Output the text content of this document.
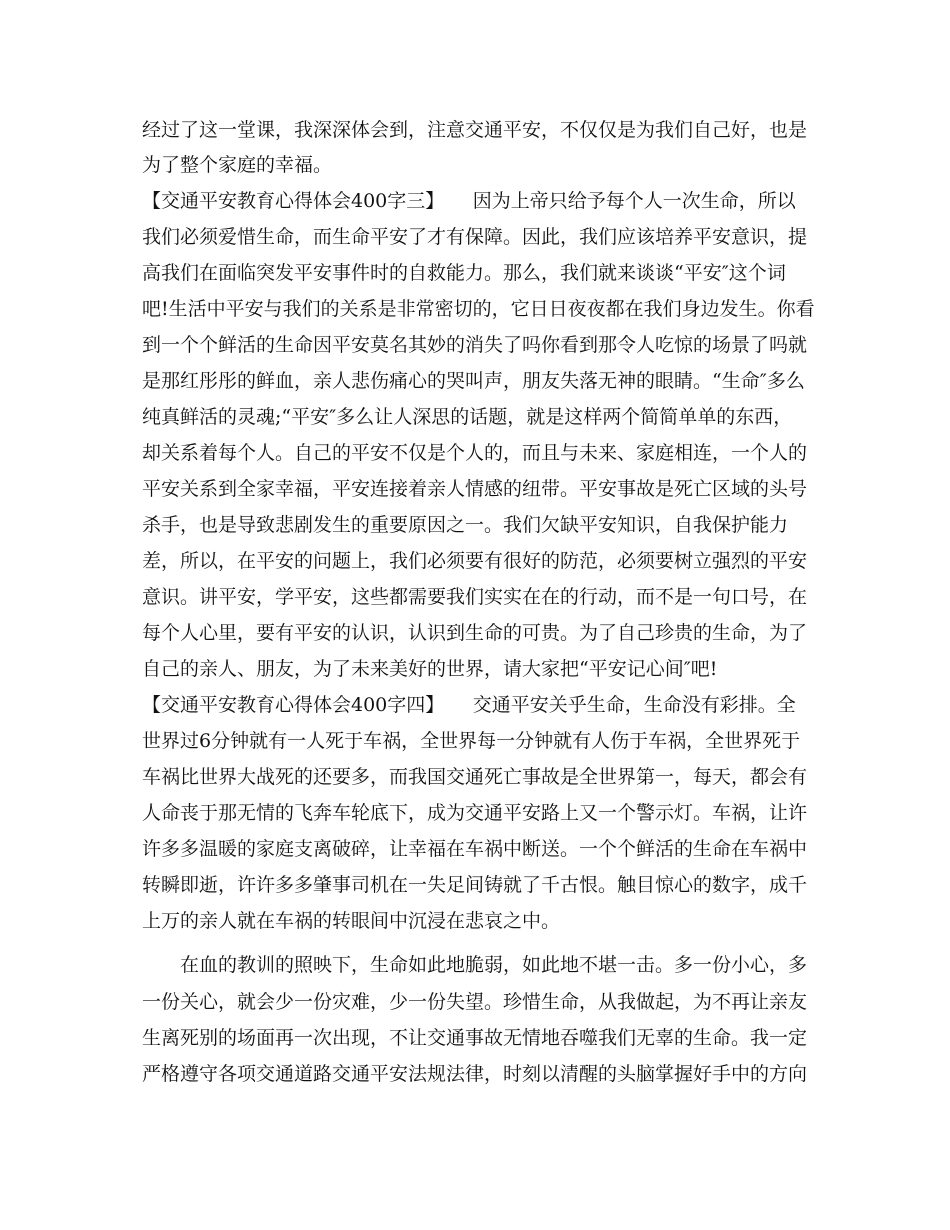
经过了这一堂课，我深深体会到，注意交通平安，不仅仅是为我们自己好，也是
为了整个家庭的幸福。
【交通平安教育心得体会400字三】　　因为上帝只给予每个人一次生命，所以
我们必须爱惜生命，而生命平安了才有保障。因此，我们应该培养平安意识，提
高我们在面临突发平安事件时的自救能力。那么，我们就来谈谈“平安″这个词
吧!生活中平安与我们的关系是非常密切的，它日日夜夜都在我们身边发生。你看
到一个个鲜活的生命因平安莫名其妙的消失了吗你看到那令人吃惊的场景了吗就
是那红彤彤的鲜血，亲人悲伤痛心的哭叫声，朋友失落无神的眼睛。“生命″多么
纯真鲜活的灵魂;“平安″多么让人深思的话题，就是这样两个简简单单的东西，
却关系着每个人。自己的平安不仅是个人的，而且与未来、家庭相连，一个人的
平安关系到全家幸福，平安连接着亲人情感的纽带。平安事故是死亡区域的头号
杀手，也是导致悲剧发生的重要原因之一。我们欠缺平安知识，自我保护能力
差，所以，在平安的问题上，我们必须要有很好的防范，必须要树立强烈的平安
意识。讲平安，学平安，这些都需要我们实实在在的行动，而不是一句口号，在
每个人心里，要有平安的认识，认识到生命的可贵。为了自己珍贵的生命，为了
自己的亲人、朋友，为了未来美好的世界，请大家把“平安记心间″吧!
【交通平安教育心得体会400字四】　　交通平安关乎生命，生命没有彩排。全
世界过6分钟就有一人死于车祸，全世界每一分钟就有人伤于车祸，全世界死于
车祸比世界大战死的还要多，而我国交通死亡事故是全世界第一，每天，都会有
人命丧于那无情的飞奔车轮底下，成为交通平安路上又一个警示灯。车祸，让许
许多多温暖的家庭支离破碎，让幸福在车祸中断送。一个个鲜活的生命在车祸中
转瞬即逝，许许多多肇事司机在一失足间铸就了千古恨。触目惊心的数字，成千
上万的亲人就在车祸的转眼间中沉浸在悲哀之中。
在血的教训的照映下，生命如此地脆弱，如此地不堪一击。多一份小心，多
一份关心，就会少一份灾难，少一份失望。珍惜生命，从我做起，为不再让亲友
生离死别的场面再一次出现，不让交通事故无情地吞噬我们无辜的生命。我一定
严格遵守各项交通道路交通平安法规法律，时刻以清醒的头脑掌握好手中的方向
